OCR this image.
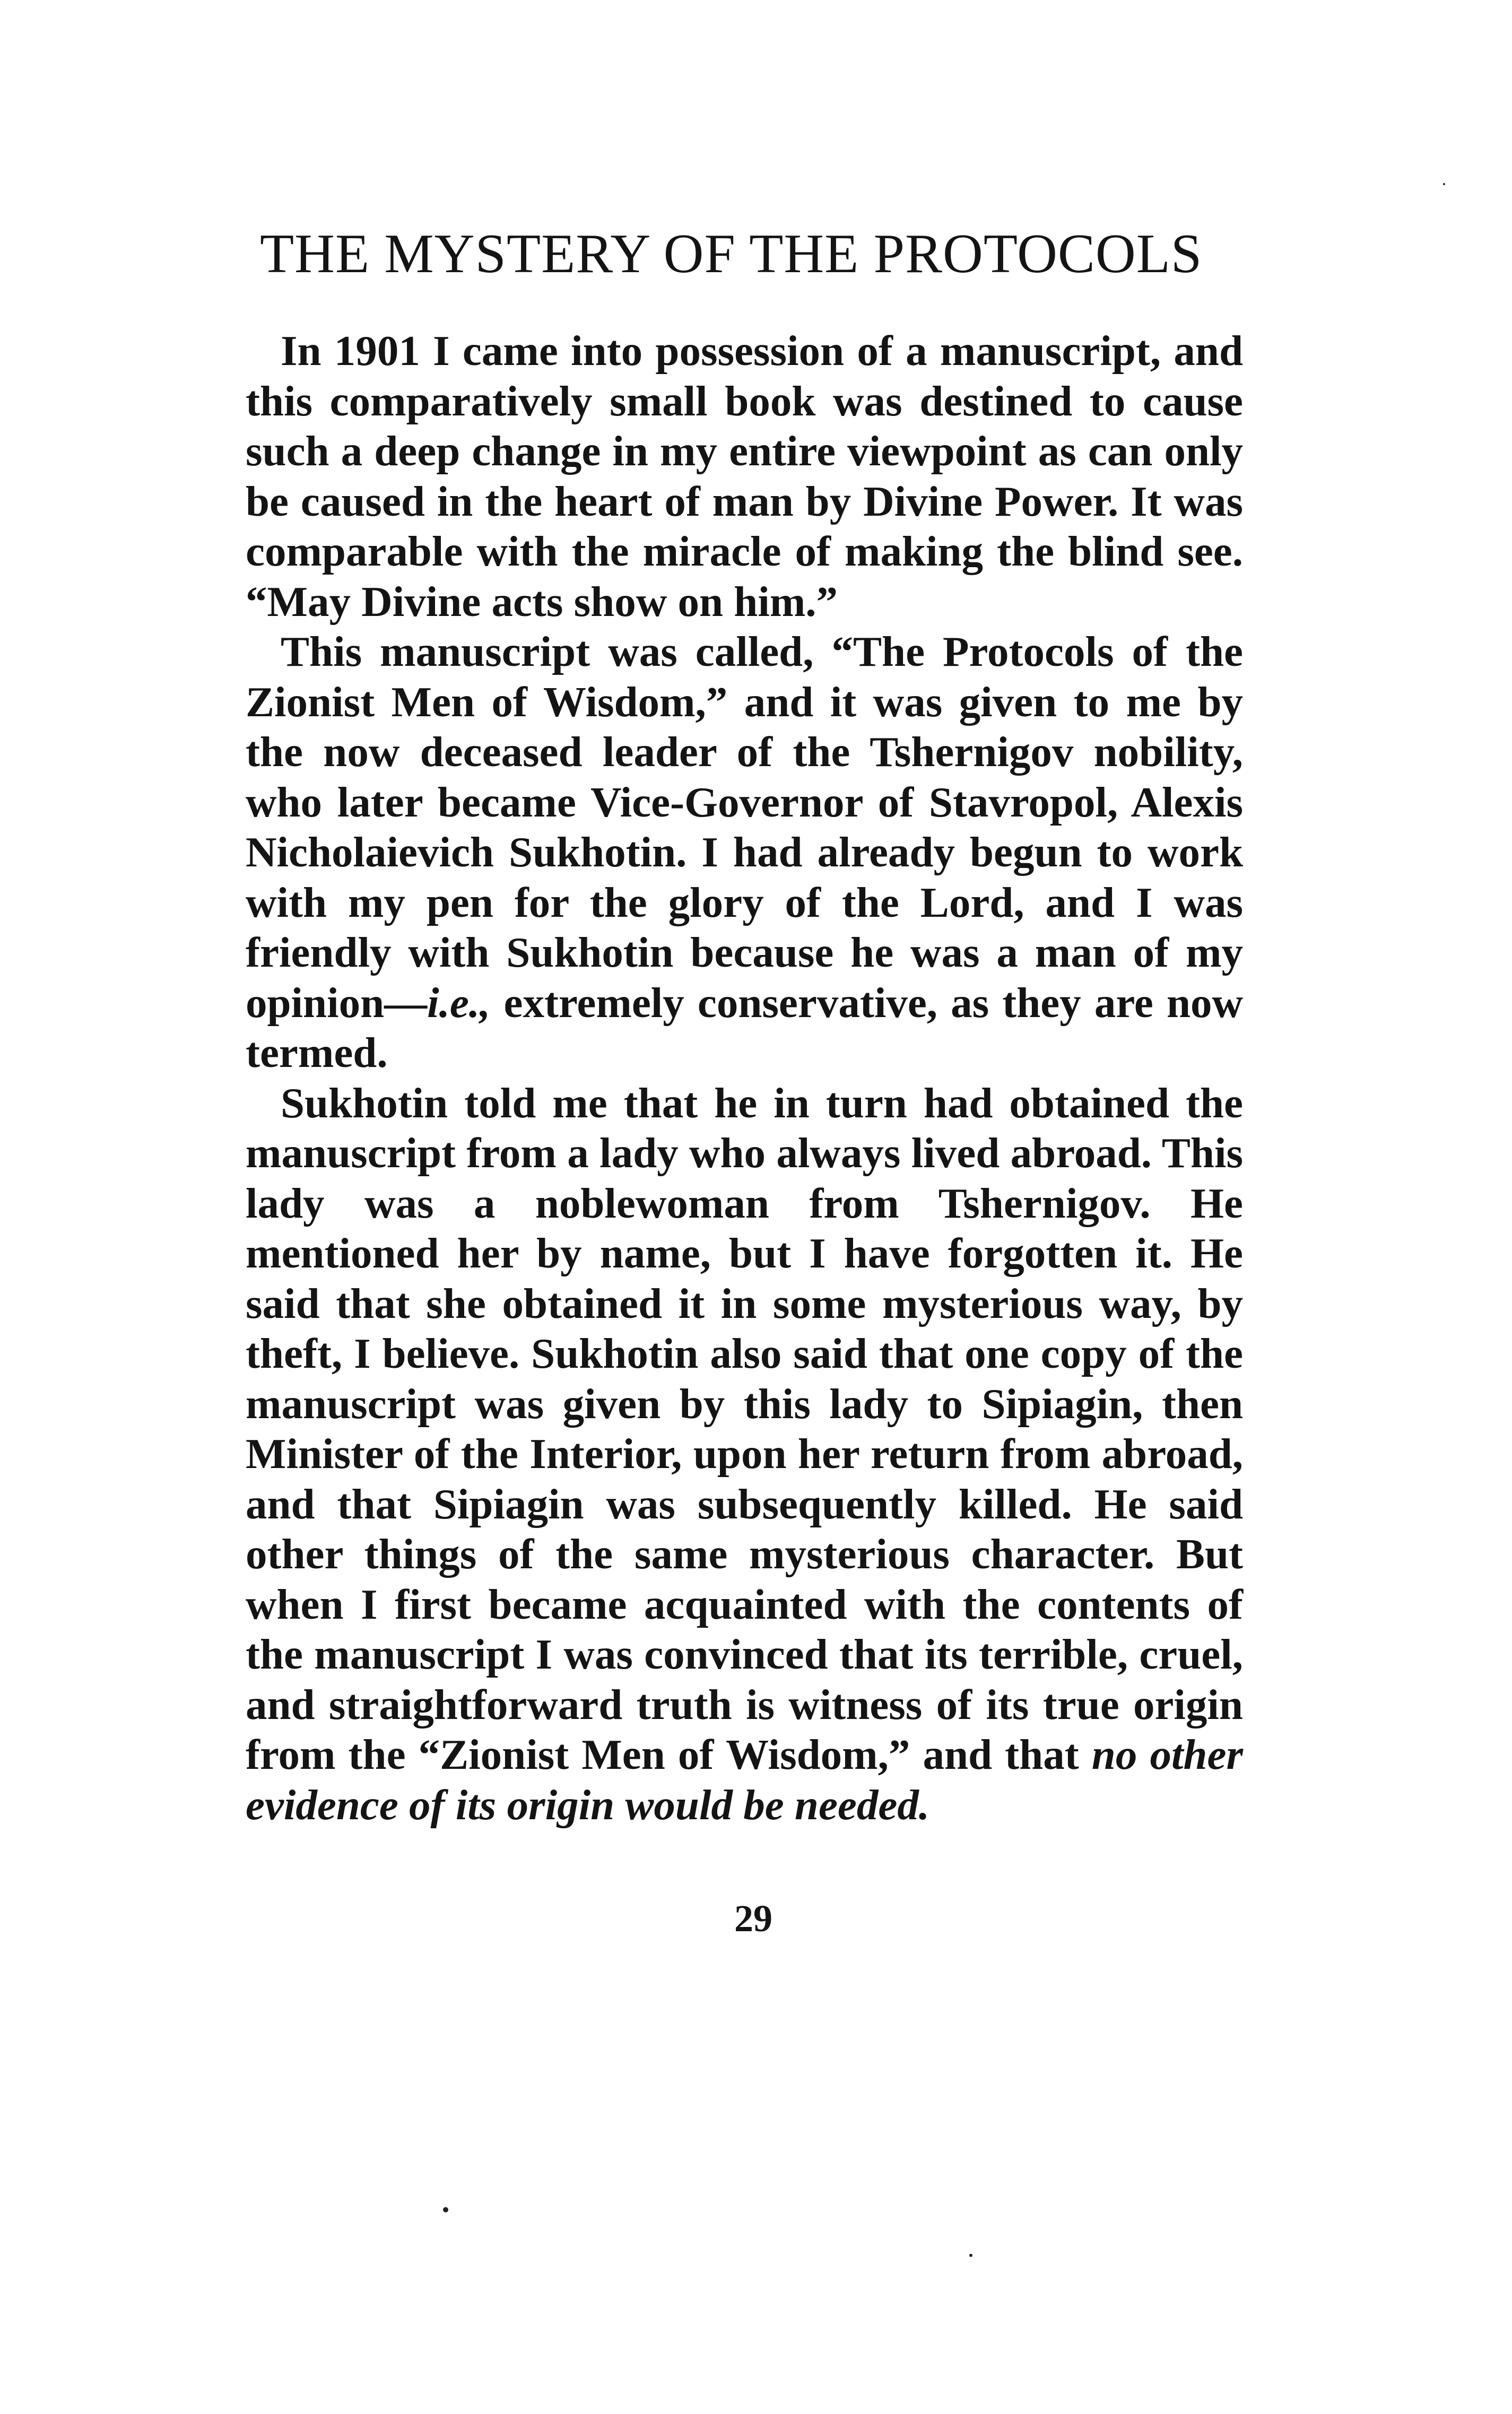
THE MYSTERY OF THE PROTOCOLS

In 1901 I came into possession of a manuscript, and this comparatively small book was destined to cause such a deep change in my entire viewpoint as can only be caused in the heart of man by Divine Power. It was comparable with the miracle of making the blind see. “May Divine acts show on him.”

This manuscript was called, “The Protocols of the Zionist Men of Wisdom,” and it was given to me by the now deceased leader of the Tshernigov nobility, who later became Vice-Governor of Stavropol, Alexis Nicholaievich Sukhotin. I had already begun to work with my pen for the glory of the Lord, and I was friendly with Sukhotin because he was a man of my opinion—i.e., extremely conservative, as they are now termed.

Sukhotin told me that he in turn had obtained the manuscript from a lady who always lived abroad. This lady was a noblewoman from Tshernigov. He mentioned her by name, but I have forgotten it. He said that she obtained it in some mysterious way, by theft, I believe. Sukhotin also said that one copy of the manuscript was given by this lady to Sipiagin, then Minister of the Interior, upon her return from abroad, and that Sipiagin was subsequently killed. He said other things of the same mysterious character. But when I first became acquainted with the contents of the manuscript I was convinced that its terrible, cruel, and straightforward truth is witness of its true origin from the “Zionist Men of Wisdom,” and that no other evidence of its origin would be needed.

29
